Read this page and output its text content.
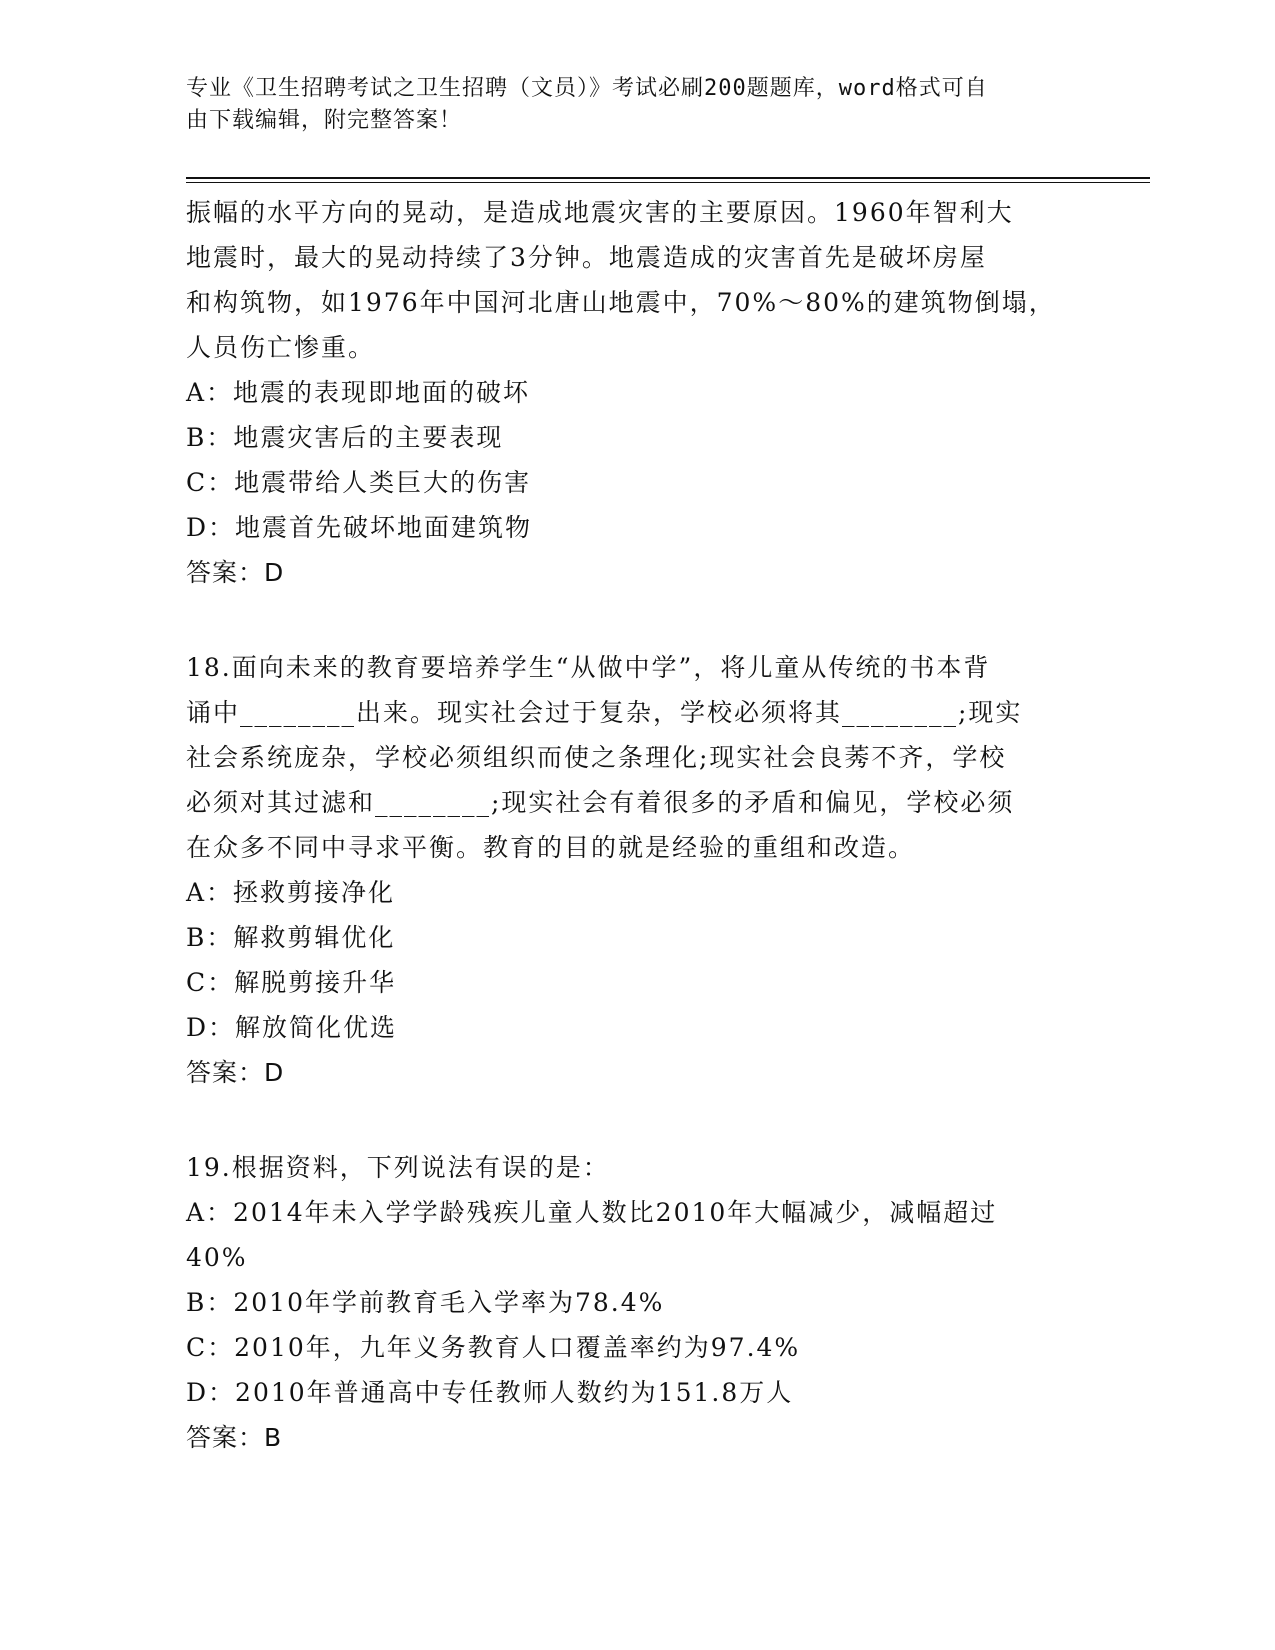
专业《卫生招聘考试之卫生招聘（文员）》考试必刷200题题库，word格式可自
由下载编辑，附完整答案！

振幅的水平方向的晃动，是造成地震灾害的主要原因。1960年智利大

地震时，最大的晃动持续了3分钟。地震造成的灾害首先是破坏房屋

和构筑物，如1976年中国河北唐山地震中，70%～80%的建筑物倒塌，

人员伤亡惨重。

A：地震的表现即地面的破坏

B：地震灾害后的主要表现

C：地震带给人类巨大的伤害

D：地震首先破坏地面建筑物

答案：D

18.面向未来的教育要培养学生“从做中学”，将儿童从传统的书本背

诵中________出来。现实社会过于复杂，学校必须将其________;现实

社会系统庞杂，学校必须组织而使之条理化;现实社会良莠不齐，学校

必须对其过滤和________;现实社会有着很多的矛盾和偏见，学校必须

在众多不同中寻求平衡。教育的目的就是经验的重组和改造。

A：拯救剪接净化

B：解救剪辑优化

C：解脱剪接升华

D：解放简化优选

答案：D

19.根据资料，下列说法有误的是：

A：2014年未入学学龄残疾儿童人数比2010年大幅减少，减幅超过

40%

B：2010年学前教育毛入学率为78.4%

C：2010年，九年义务教育人口覆盖率约为97.4%

D：2010年普通高中专任教师人数约为151.8万人

答案：B
